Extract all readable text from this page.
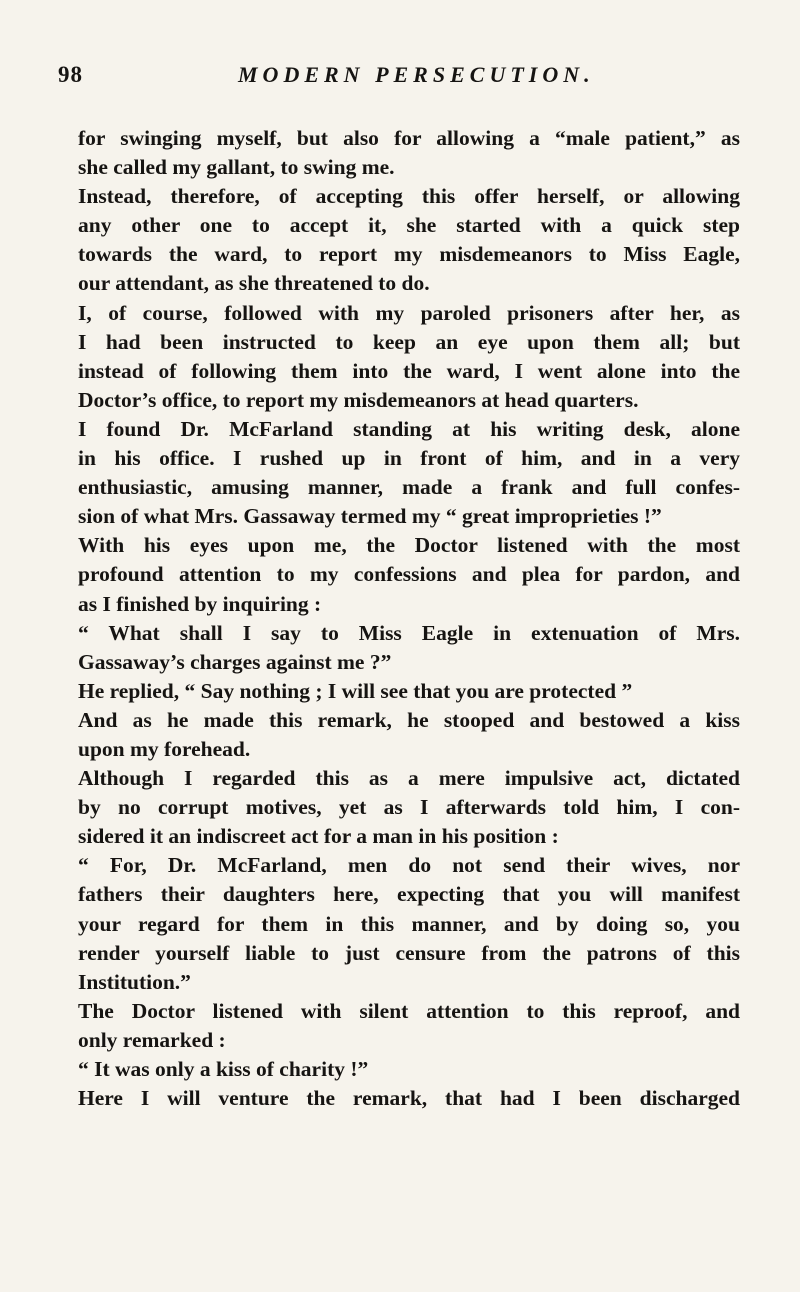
98	MODERN PERSECUTION.
for swinging myself, but also for allowing a “male patient,” as
she called my gallant, to swing me.
Instead, therefore, of accepting this offer herself, or allowing
any other one to accept it, she started with a quick step
towards the ward, to report my misdemeanors to Miss Eagle,
our attendant, as she threatened to do.
I, of course, followed with my paroled prisoners after her, as
I had been instructed to keep an eye upon them all; but
instead of following them into the ward, I went alone into the
Doctor’s office, to report my misdemeanors at head quarters.
I found Dr. McFarland standing at his writing desk, alone
in his office. I rushed up in front of him, and in a very
enthusiastic, amusing manner, made a frank and full confes-
sion of what Mrs. Gassaway termed my “ great improprieties !”
With his eyes upon me, the Doctor listened with the most
profound attention to my confessions and plea for pardon, and
as I finished by inquiring :
“ What shall I say to Miss Eagle in extenuation of Mrs.
Gassaway’s charges against me ?”
He replied, “ Say nothing ; I will see that you are protected ”
And as he made this remark, he stooped and bestowed a kiss
upon my forehead.
Although I regarded this as a mere impulsive act, dictated
by no corrupt motives, yet as I afterwards told him, I con-
sidered it an indiscreet act for a man in his position :
“ For, Dr. McFarland, men do not send their wives, nor
fathers their daughters here, expecting that you will manifest
your regard for them in this manner, and by doing so, you
render yourself liable to just censure from the patrons of this
Institution.”
The Doctor listened with silent attention to this reproof, and
only remarked :
“ It was only a kiss of charity !”
Here I will venture the remark, that had I been discharged
